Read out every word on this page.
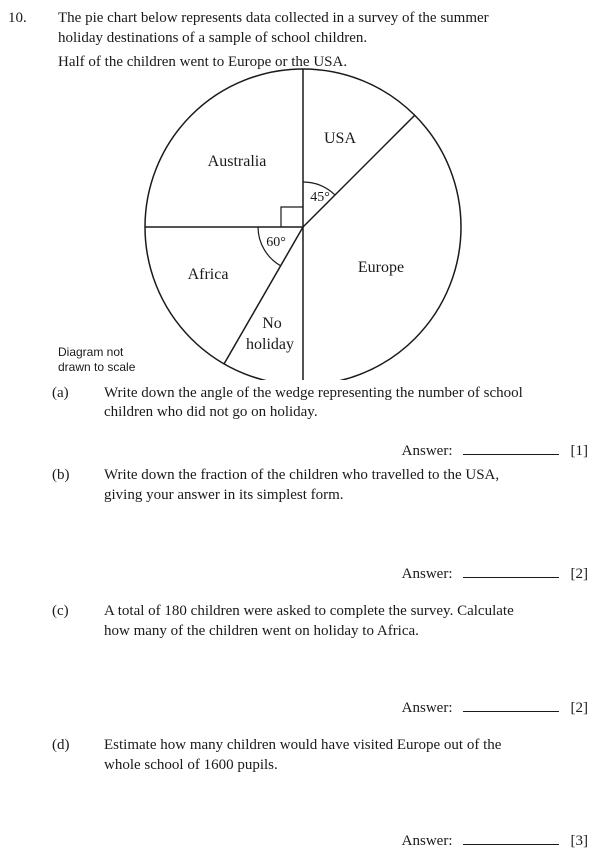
10. The pie chart below represents data collected in a survey of the summer
holiday destinations of a sample of school children.
Half of the children went to Europe or the USA.
USA
Australia
Europe
Africa
No
holiday
45°
60°
Diagram not
drawn to scale
(a) Write down the angle of the wedge representing the number of school
children who did not go on holiday.
Answer:	[1]
(b) Write down the fraction of the children who travelled to the USA,
giving your answer in its simplest form.
Answer:	[2]
(c) A total of 180 children were asked to complete the survey. Calculate
how many of the children went on holiday to Africa.
Answer:	[2]
(d) Estimate how many children would have visited Europe out of the
whole school of 1600 pupils.
Answer:	[3]
